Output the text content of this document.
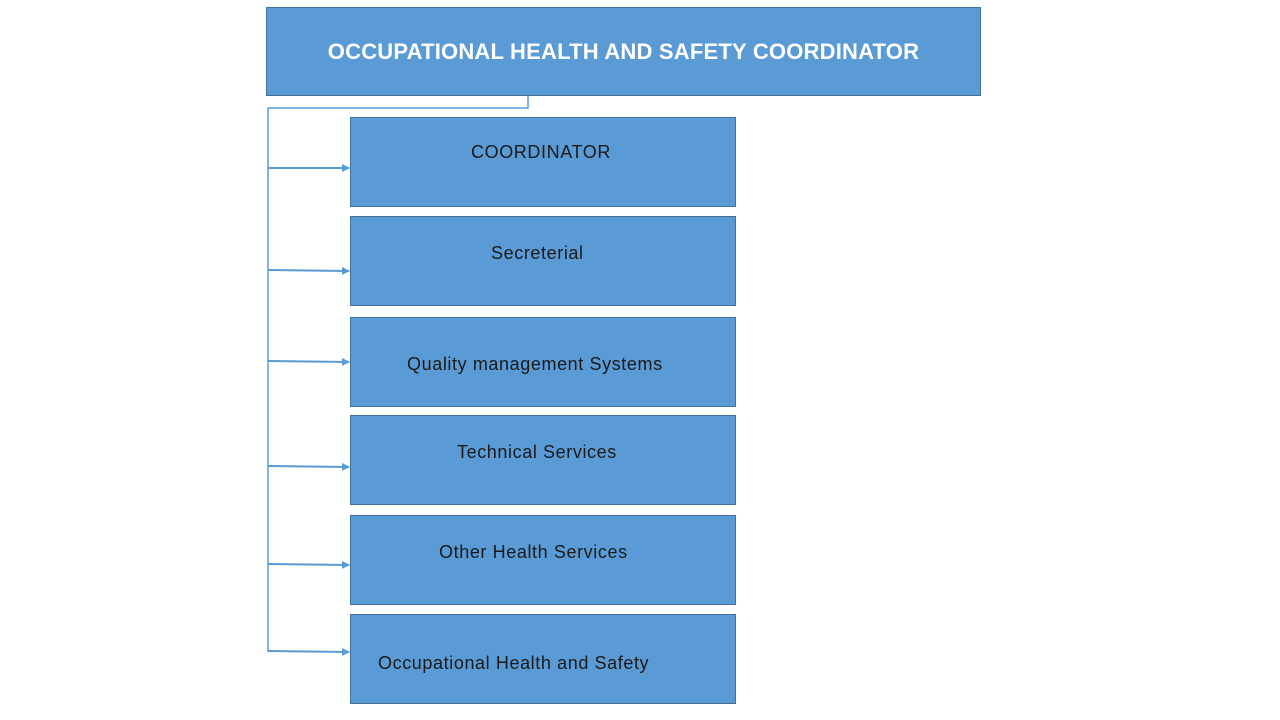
OCCUPATIONAL HEALTH AND SAFETY COORDINATOR
COORDINATOR
Secreterial
Quality management Systems
Technical Services
Other Health Services
Occupational Health and Safety
